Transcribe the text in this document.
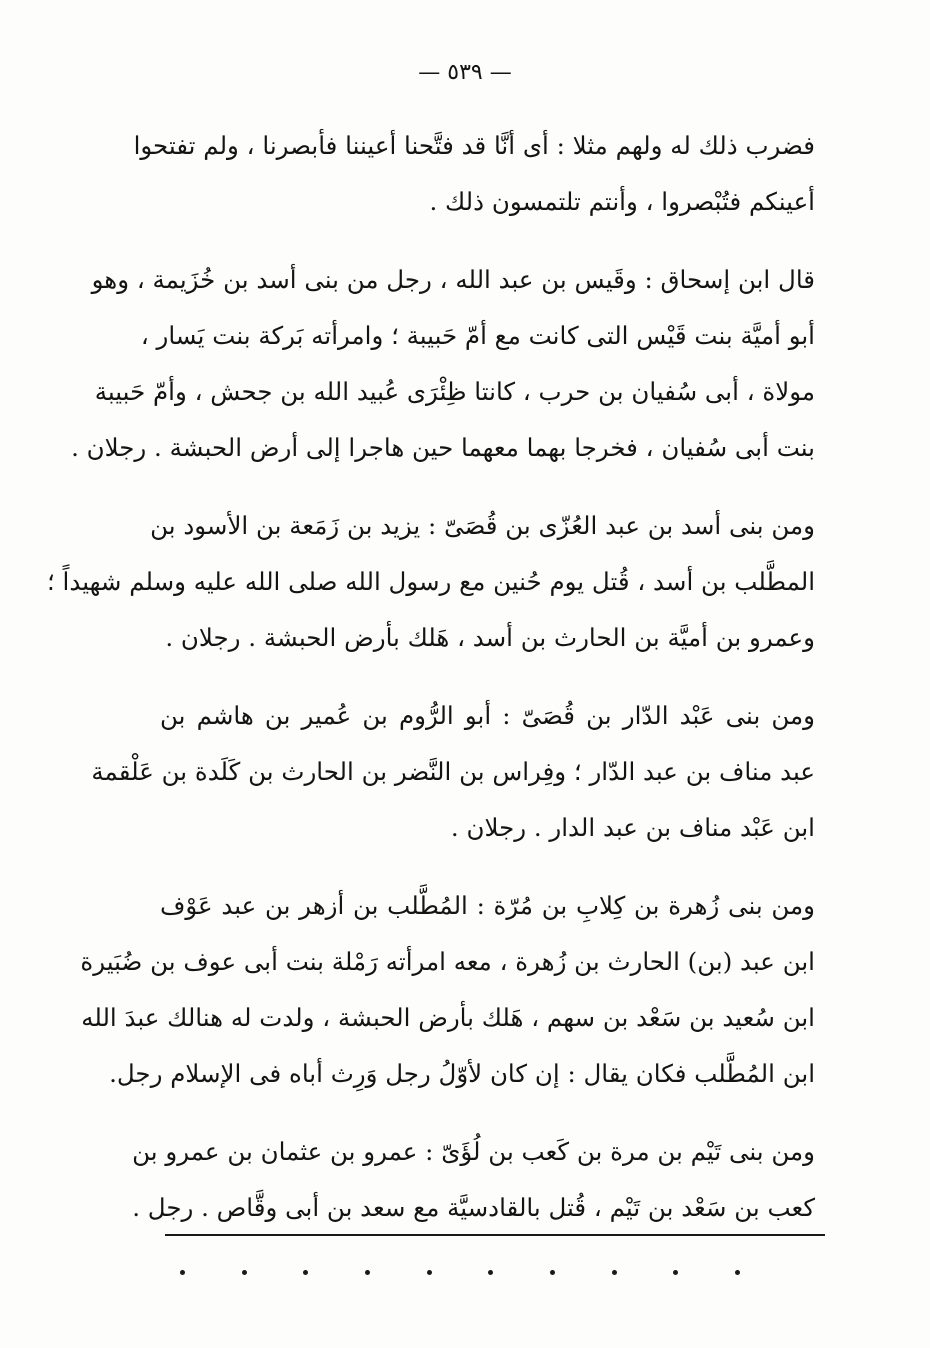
— ٥٣٩ —

فضرب ذلك له ولهم مثلا : أى أنَّا قد فتَّحنا أعيننا فأبصرنا ، ولم تفتحوا
أعينكم فتُبْصروا ، وأنتم تلتمسون ذلك .

قال ابن إسحاق : وقَيس بن عبد الله ، رجل من بنى أسد بن خُزَيمة ، وهو
أبو أميَّة بنت قَيْس التى كانت مع أمّ حَبيبة ؛ وامرأته بَركة بنت يَسار ،
مولاة ، أبى سُفيان بن حرب ، كانتا ظِئْرَى عُبيد الله بن جحش ، وأمّ حَبيبة
بنت أبى سُفيان ، فخرجا بهما معهما حين هاجرا إلى أرض الحبشة . رجلان .

ومن بنى أسد بن عبد العُزّى بن قُصَىّ : يزيد بن زَمَعة بن الأسود بن
المطَّلب بن أسد ، قُتل يوم حُنين مع رسول الله صلى الله عليه وسلم شهيداً ؛
وعمرو بن أميَّة بن الحارث بن أسد ، هَلك بأرض الحبشة . رجلان .

ومن بنى عَبْد الدّار بن قُصَىّ : أبو الرُّوم بن عُمير بن هاشم بن
عبد مناف بن عبد الدّار ؛ وفِراس بن النَّضر بن الحارث بن كَلَدة بن عَلْقمة
ابن عَبْد مناف بن عبد الدار . رجلان .

ومن بنى زُهرة بن كِلابِ بن مُرّة : المُطَّلب بن أزهر بن عبد عَوْف
ابن عبد (بن) الحارث بن زُهرة ، معه امرأته رَمْلة بنت أبى عوف بن ضُبَيرة
ابن سُعيد بن سَعْد بن سهم ، هَلك بأرض الحبشة ، ولدت له هنالك عبدَ الله
ابن المُطَّلب فكان يقال : إن كان لأوّلُ رجل وَرِث أباه فى الإسلام رجل.

ومن بنى تَيْم بن مرة بن كَعب بن لُؤَىّ : عمرو بن عثمان بن عمرو بن
كعب بن سَعْد بن تَيْم ، قُتل بالقادسيَّة مع سعد بن أبى وقَّاص . رجل .
